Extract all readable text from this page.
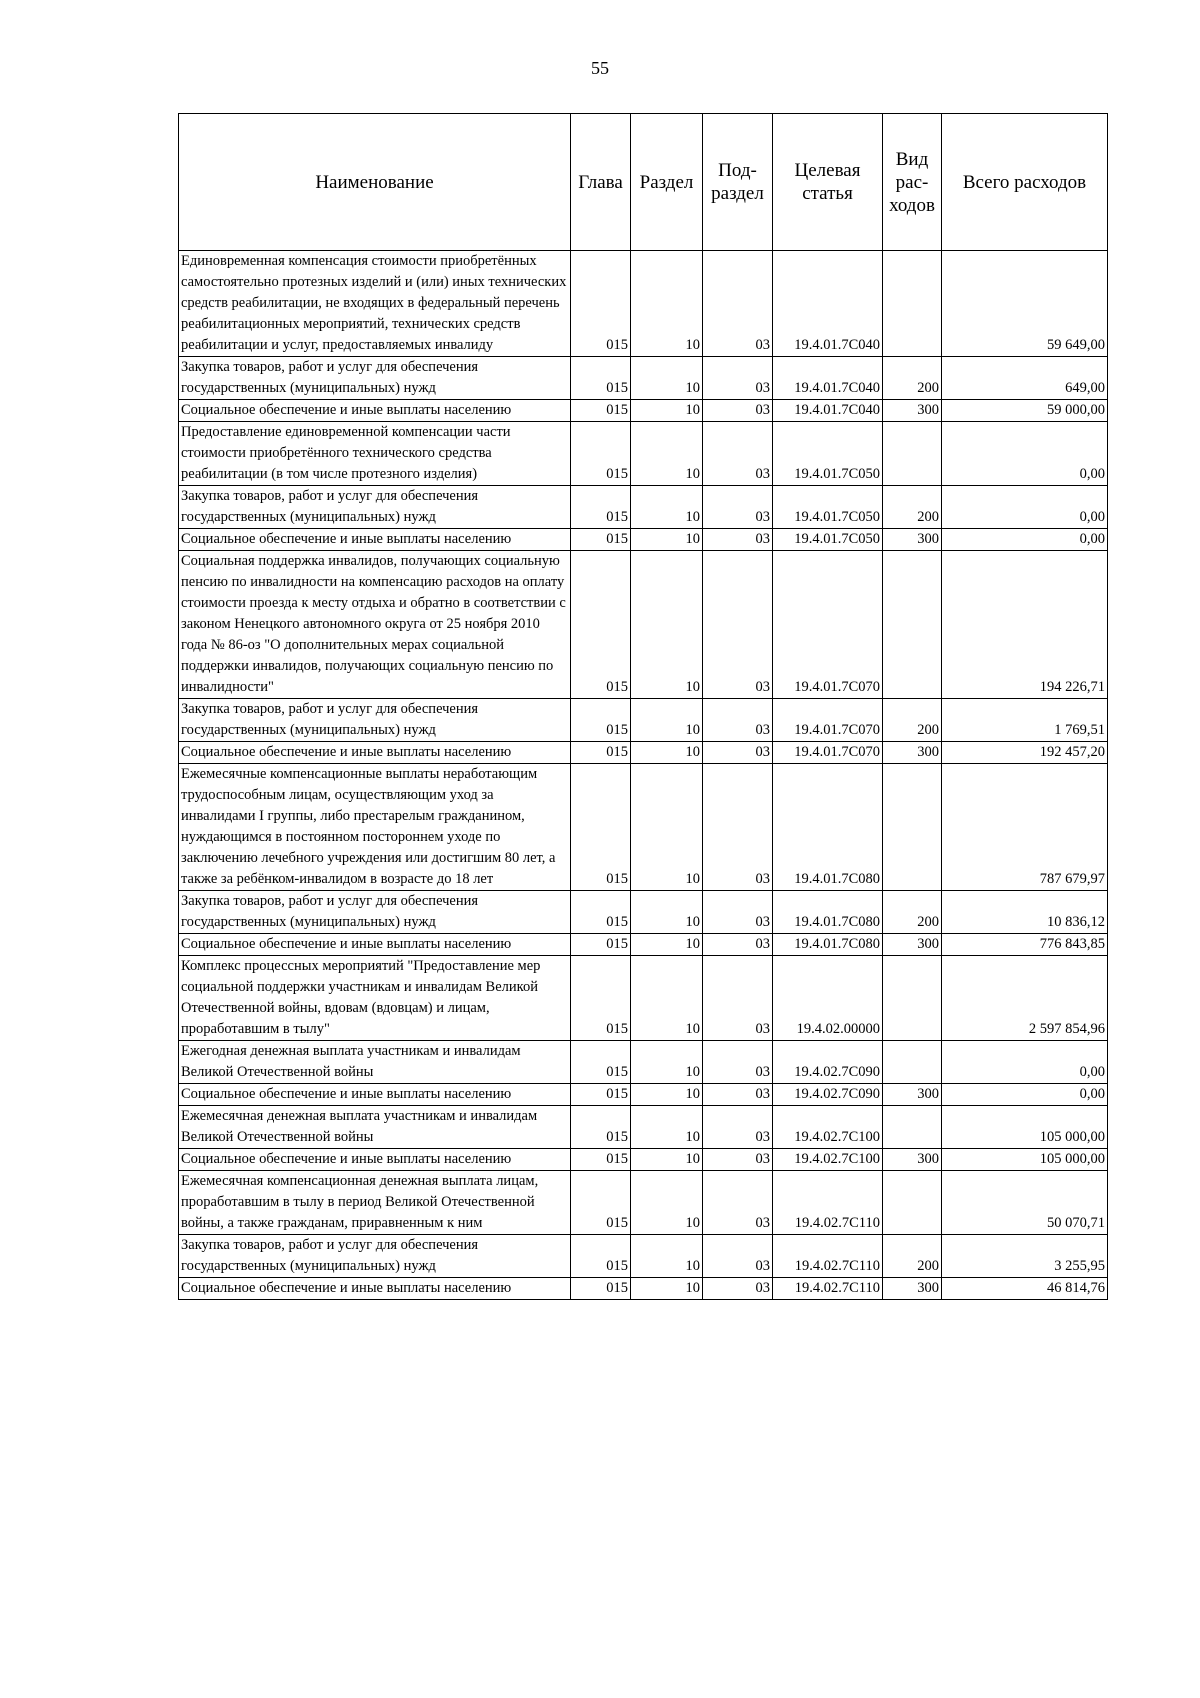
55
Наименование	Глава	Раздел	Под-раздел	Целевая статья	Вид рас-ходов	Всего расходов
Единовременная компенсация стоимости приобретённых самостоятельно протезных изделий и (или) иных технических средств реабилитации, не входящих в федеральный перечень реабилитационных мероприятий, технических средств реабилитации и услуг, предоставляемых инвалиду	015	10	03	19.4.01.7C040		59 649,00
Закупка товаров, работ и услуг для обеспечения государственных (муниципальных) нужд	015	10	03	19.4.01.7C040	200	649,00
Социальное обеспечение и иные выплаты населению	015	10	03	19.4.01.7C040	300	59 000,00
Предоставление единовременной компенсации части стоимости приобретённого технического средства реабилитации (в том числе протезного изделия)	015	10	03	19.4.01.7C050		0,00
Закупка товаров, работ и услуг для обеспечения государственных (муниципальных) нужд	015	10	03	19.4.01.7C050	200	0,00
Социальное обеспечение и иные выплаты населению	015	10	03	19.4.01.7C050	300	0,00
Социальная поддержка инвалидов, получающих социальную пенсию по инвалидности на компенсацию расходов на оплату стоимости проезда к месту отдыха и обратно в соответствии с законом Ненецкого автономного округа от 25 ноября 2010 года № 86-оз "О дополнительных мерах социальной поддержки инвалидов, получающих социальную пенсию по инвалидности"	015	10	03	19.4.01.7C070		194 226,71
Закупка товаров, работ и услуг для обеспечения государственных (муниципальных) нужд	015	10	03	19.4.01.7C070	200	1 769,51
Социальное обеспечение и иные выплаты населению	015	10	03	19.4.01.7C070	300	192 457,20
Ежемесячные компенсационные выплаты неработающим трудоспособным лицам, осуществляющим уход за инвалидами I группы, либо престарелым гражданином, нуждающимся в постоянном постороннем уходе по заключению лечебного учреждения или достигшим 80 лет, а также за ребёнком-инвалидом в возрасте до 18 лет	015	10	03	19.4.01.7C080		787 679,97
Закупка товаров, работ и услуг для обеспечения государственных (муниципальных) нужд	015	10	03	19.4.01.7C080	200	10 836,12
Социальное обеспечение и иные выплаты населению	015	10	03	19.4.01.7C080	300	776 843,85
Комплекс процессных мероприятий "Предоставление мер социальной поддержки участникам и инвалидам Великой Отечественной войны, вдовам (вдовцам) и лицам, проработавшим в тылу"	015	10	03	19.4.02.00000		2 597 854,96
Ежегодная денежная выплата участникам и инвалидам Великой Отечественной войны	015	10	03	19.4.02.7C090		0,00
Социальное обеспечение и иные выплаты населению	015	10	03	19.4.02.7C090	300	0,00
Ежемесячная денежная выплата участникам и инвалидам Великой Отечественной войны	015	10	03	19.4.02.7C100		105 000,00
Социальное обеспечение и иные выплаты населению	015	10	03	19.4.02.7C100	300	105 000,00
Ежемесячная компенсационная денежная выплата лицам, проработавшим в тылу в период Великой Отечественной войны, а также гражданам, приравненным к ним	015	10	03	19.4.02.7C110		50 070,71
Закупка товаров, работ и услуг для обеспечения государственных (муниципальных) нужд	015	10	03	19.4.02.7C110	200	3 255,95
Социальное обеспечение и иные выплаты населению	015	10	03	19.4.02.7C110	300	46 814,76
